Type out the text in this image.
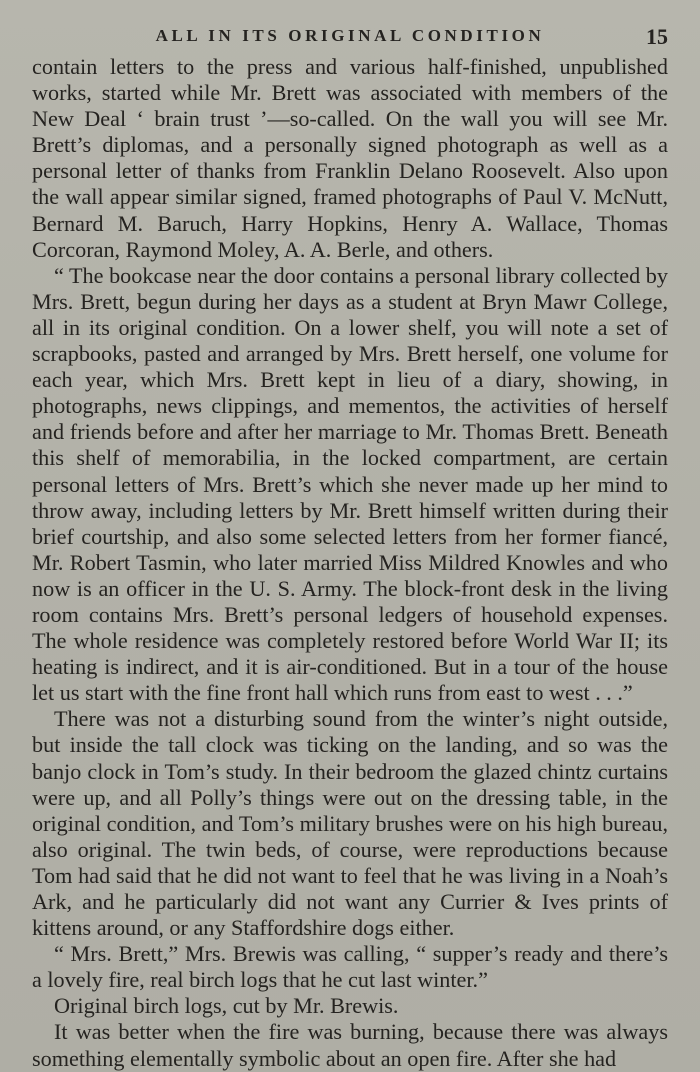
ALL IN ITS ORIGINAL CONDITION	15

contain letters to the press and various half-finished, unpublished works, started while Mr. Brett was associated with members of the New Deal ‘ brain trust ’—so-called. On the wall you will see Mr. Brett’s diplomas, and a personally signed photograph as well as a personal letter of thanks from Franklin Delano Roosevelt. Also upon the wall appear similar signed, framed photographs of Paul V. McNutt, Bernard M. Baruch, Harry Hopkins, Henry A. Wallace, Thomas Corcoran, Raymond Moley, A. A. Berle, and others.

“ The bookcase near the door contains a personal library collected by Mrs. Brett, begun during her days as a student at Bryn Mawr College, all in its original condition. On a lower shelf, you will note a set of scrapbooks, pasted and arranged by Mrs. Brett herself, one volume for each year, which Mrs. Brett kept in lieu of a diary, showing, in photographs, news clippings, and mementos, the activities of herself and friends before and after her marriage to Mr. Thomas Brett. Beneath this shelf of memorabilia, in the locked compartment, are certain personal letters of Mrs. Brett’s which she never made up her mind to throw away, including letters by Mr. Brett himself written during their brief courtship, and also some selected letters from her former fiancé, Mr. Robert Tasmin, who later married Miss Mildred Knowles and who now is an officer in the U. S. Army. The block-front desk in the living room contains Mrs. Brett’s personal ledgers of household expenses. The whole residence was completely restored before World War II; its heating is indirect, and it is air-conditioned. But in a tour of the house let us start with the fine front hall which runs from east to west . . .”

There was not a disturbing sound from the winter’s night outside, but inside the tall clock was ticking on the landing, and so was the banjo clock in Tom’s study. In their bedroom the glazed chintz curtains were up, and all Polly’s things were out on the dressing table, in the original condition, and Tom’s military brushes were on his high bureau, also original. The twin beds, of course, were reproductions because Tom had said that he did not want to feel that he was living in a Noah’s Ark, and he particularly did not want any Currier & Ives prints of kittens around, or any Staffordshire dogs either.

“ Mrs. Brett,” Mrs. Brewis was calling, “ supper’s ready and there’s a lovely fire, real birch logs that he cut last winter.”

Original birch logs, cut by Mr. Brewis.

It was better when the fire was burning, because there was always something elementally symbolic about an open fire. After she had
